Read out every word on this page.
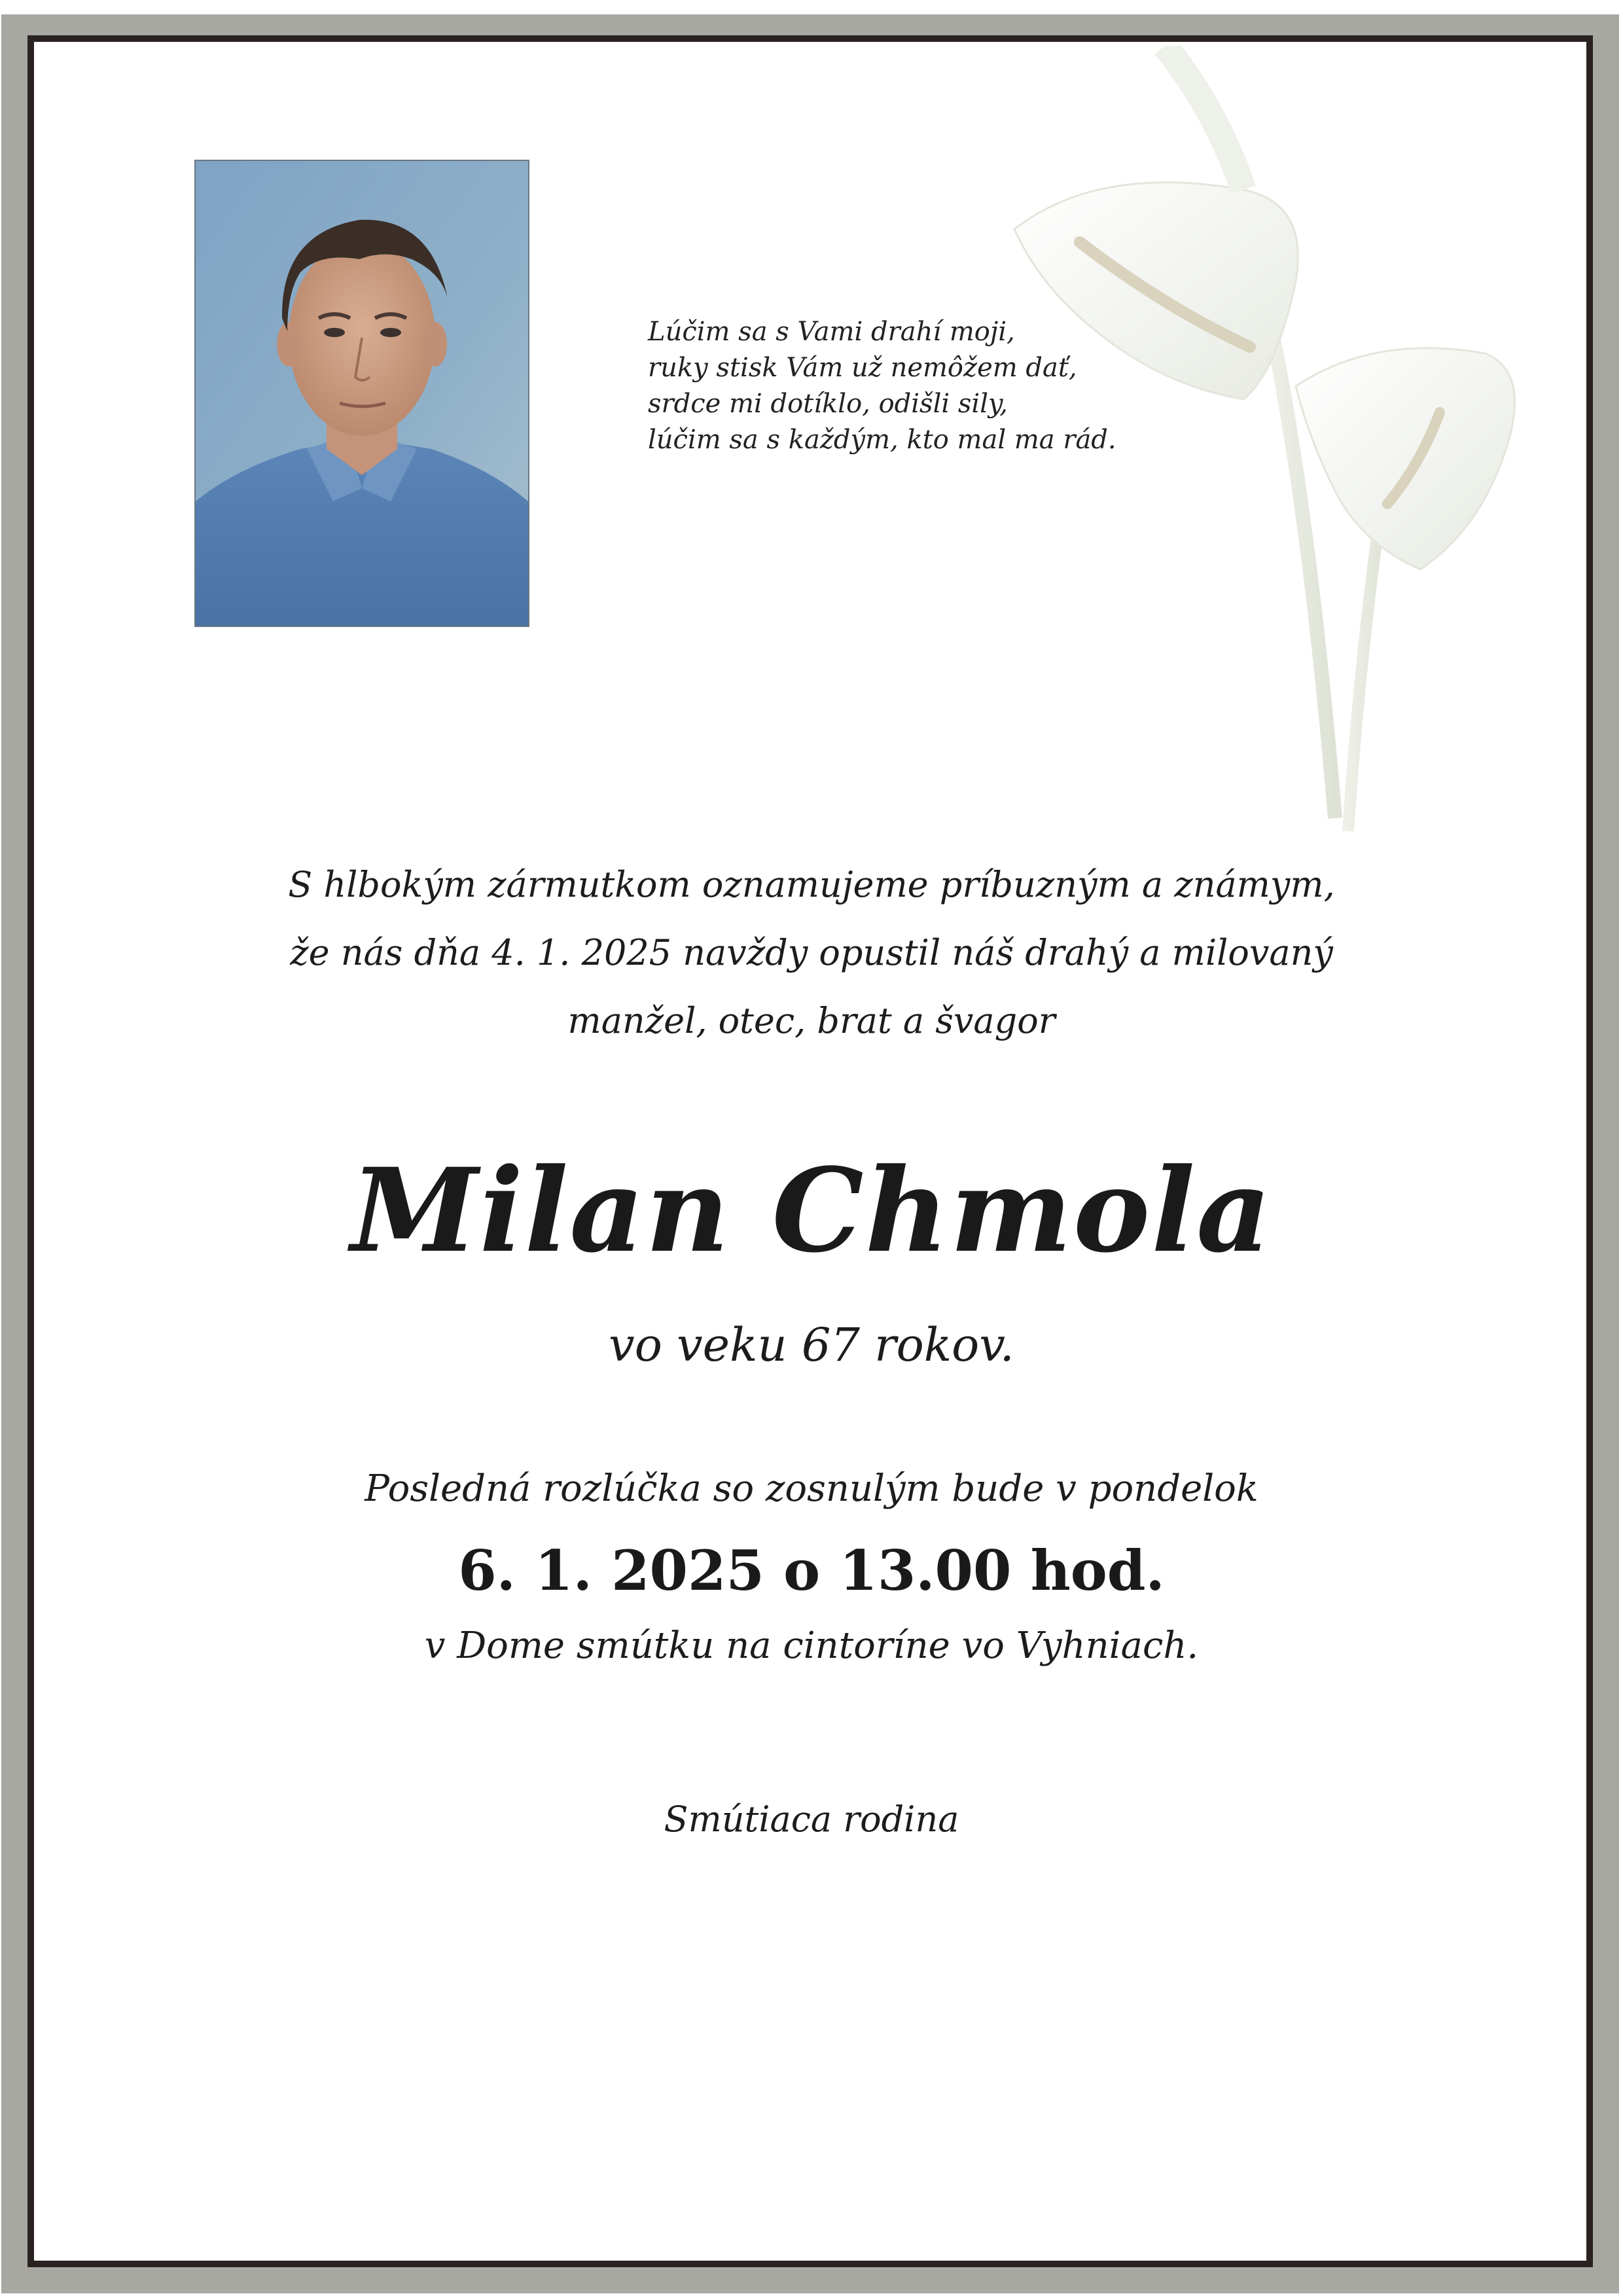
Lúčim sa s Vami drahí moji,
ruky stisk Vám už nemôžem dať,
srdce mi dotíklo, odišli sily,
lúčim sa s každým, kto mal ma rád.
S hlbokým zármutkom oznamujeme príbuzným a známym,
že nás dňa 4. 1. 2025 navždy opustil náš drahý a milovaný
manžel, otec, brat a švagor
Milan Chmola
vo veku 67 rokov.
Posledná rozlúčka so zosnulým bude v pondelok
6. 1. 2025 o 13.00 hod.
v Dome smútku na cintoríne vo Vyhniach.
Smútiaca rodina
